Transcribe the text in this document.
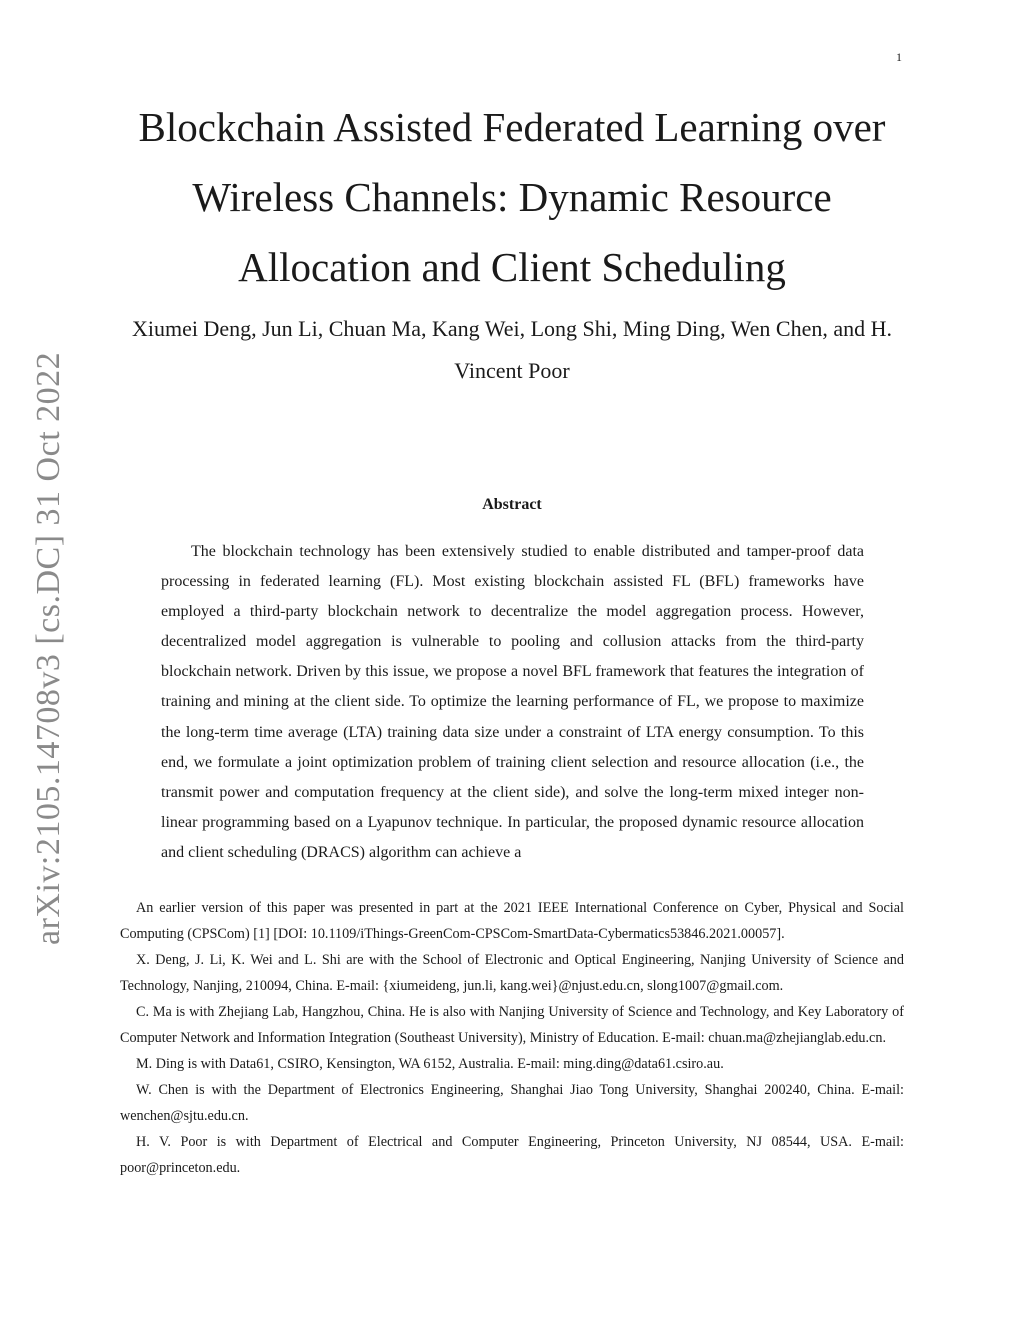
1
arXiv:2105.14708v3 [cs.DC] 31 Oct 2022
Blockchain Assisted Federated Learning over Wireless Channels: Dynamic Resource Allocation and Client Scheduling

Xiumei Deng, Jun Li, Chuan Ma, Kang Wei, Long Shi, Ming Ding, Wen Chen, and H. Vincent Poor

Abstract

The blockchain technology has been extensively studied to enable distributed and tamper-proof data processing in federated learning (FL). Most existing blockchain assisted FL (BFL) frameworks have employed a third-party blockchain network to decentralize the model aggregation process. However, decentralized model aggregation is vulnerable to pooling and collusion attacks from the third-party blockchain network. Driven by this issue, we propose a novel BFL framework that features the integration of training and mining at the client side. To optimize the learning performance of FL, we propose to maximize the long-term time average (LTA) training data size under a constraint of LTA energy consumption. To this end, we formulate a joint optimization problem of training client selection and resource allocation (i.e., the transmit power and computation frequency at the client side), and solve the long-term mixed integer non-linear programming based on a Lyapunov technique. In particular, the proposed dynamic resource allocation and client scheduling (DRACS) algorithm can achieve a

An earlier version of this paper was presented in part at the 2021 IEEE International Conference on Cyber, Physical and Social Computing (CPSCom) [1] [DOI: 10.1109/iThings-GreenCom-CPSCom-SmartData-Cybermatics53846.2021.00057].

X. Deng, J. Li, K. Wei and L. Shi are with the School of Electronic and Optical Engineering, Nanjing University of Science and Technology, Nanjing, 210094, China. E-mail: {xiumeideng, jun.li, kang.wei}@njust.edu.cn, slong1007@gmail.com.

C. Ma is with Zhejiang Lab, Hangzhou, China. He is also with Nanjing University of Science and Technology, and Key Laboratory of Computer Network and Information Integration (Southeast University), Ministry of Education. E-mail: chuan.ma@zhejianglab.edu.cn.

M. Ding is with Data61, CSIRO, Kensington, WA 6152, Australia. E-mail: ming.ding@data61.csiro.au.

W. Chen is with the Department of Electronics Engineering, Shanghai Jiao Tong University, Shanghai 200240, China. E-mail: wenchen@sjtu.edu.cn.

H. V. Poor is with Department of Electrical and Computer Engineering, Princeton University, NJ 08544, USA. E-mail: poor@princeton.edu.
